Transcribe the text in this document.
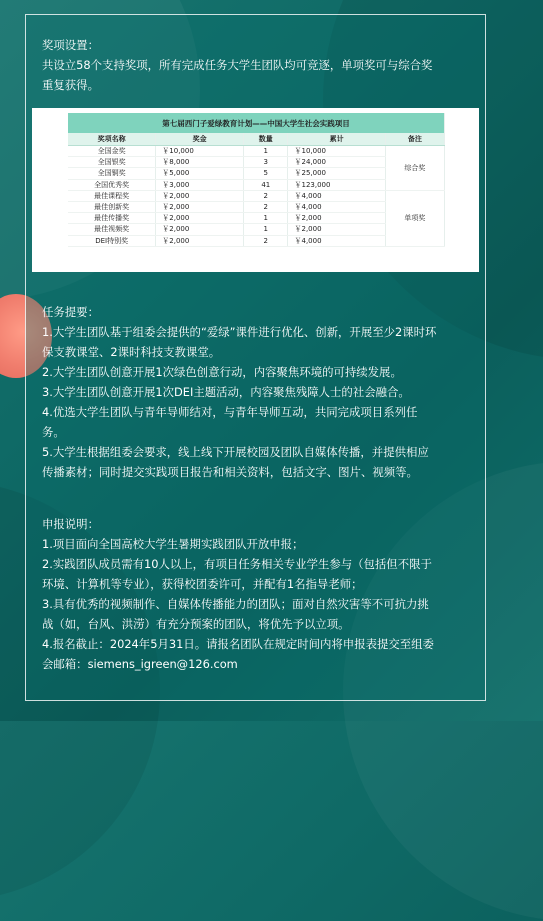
奖项设置：

共设立58个支持奖项，所有完成任务大学生团队均可竞逐，单项奖可与综合奖

重复获得。

第七届西门子爱绿教育计划——中国大学生社会实践项目				
奖项名称	奖金	数量	累计	备注
全国金奖	￥10,000	1	￥10,000	综合奖
全国银奖	￥8,000	3	￥24,000	
全国铜奖	￥5,000	5	￥25,000	
全国优秀奖	￥3,000	41	￥123,000	
最佳课程奖	￥2,000	2	￥4,000	单项奖
最佳创新奖	￥2,000	2	￥4,000	
最佳传播奖	￥2,000	1	￥2,000	
最佳视频奖	￥2,000	1	￥2,000	
DEI特别奖	￥2,000	2	￥4,000	

任务提要：

1.大学生团队基于组委会提供的“爱绿”课件进行优化、创新，开展至少2课时环

保支教课堂、2课时科技支教课堂。

2.大学生团队创意开展1次绿色创意行动，内容聚焦环境的可持续发展。

3.大学生团队创意开展1次DEI主题活动，内容聚焦残障人士的社会融合。

4.优选大学生团队与青年导师结对，与青年导师互动，共同完成项目系列任

务。

5.大学生根据组委会要求，线上线下开展校园及团队自媒体传播，并提供相应

传播素材；同时提交实践项目报告和相关资料，包括文字、图片、视频等。

申报说明：

1.项目面向全国高校大学生暑期实践团队开放申报；

2.实践团队成员需有10人以上，有项目任务相关专业学生参与（包括但不限于

环境、计算机等专业），获得校团委许可，并配有1名指导老师；

3.具有优秀的视频制作、自媒体传播能力的团队；面对自然灾害等不可抗力挑

战（如，台风、洪涝）有充分预案的团队，将优先予以立项。

4.报名截止：2024年5月31日。请报名团队在规定时间内将申报表提交至组委

会邮箱：siemens_igreen@126.com
